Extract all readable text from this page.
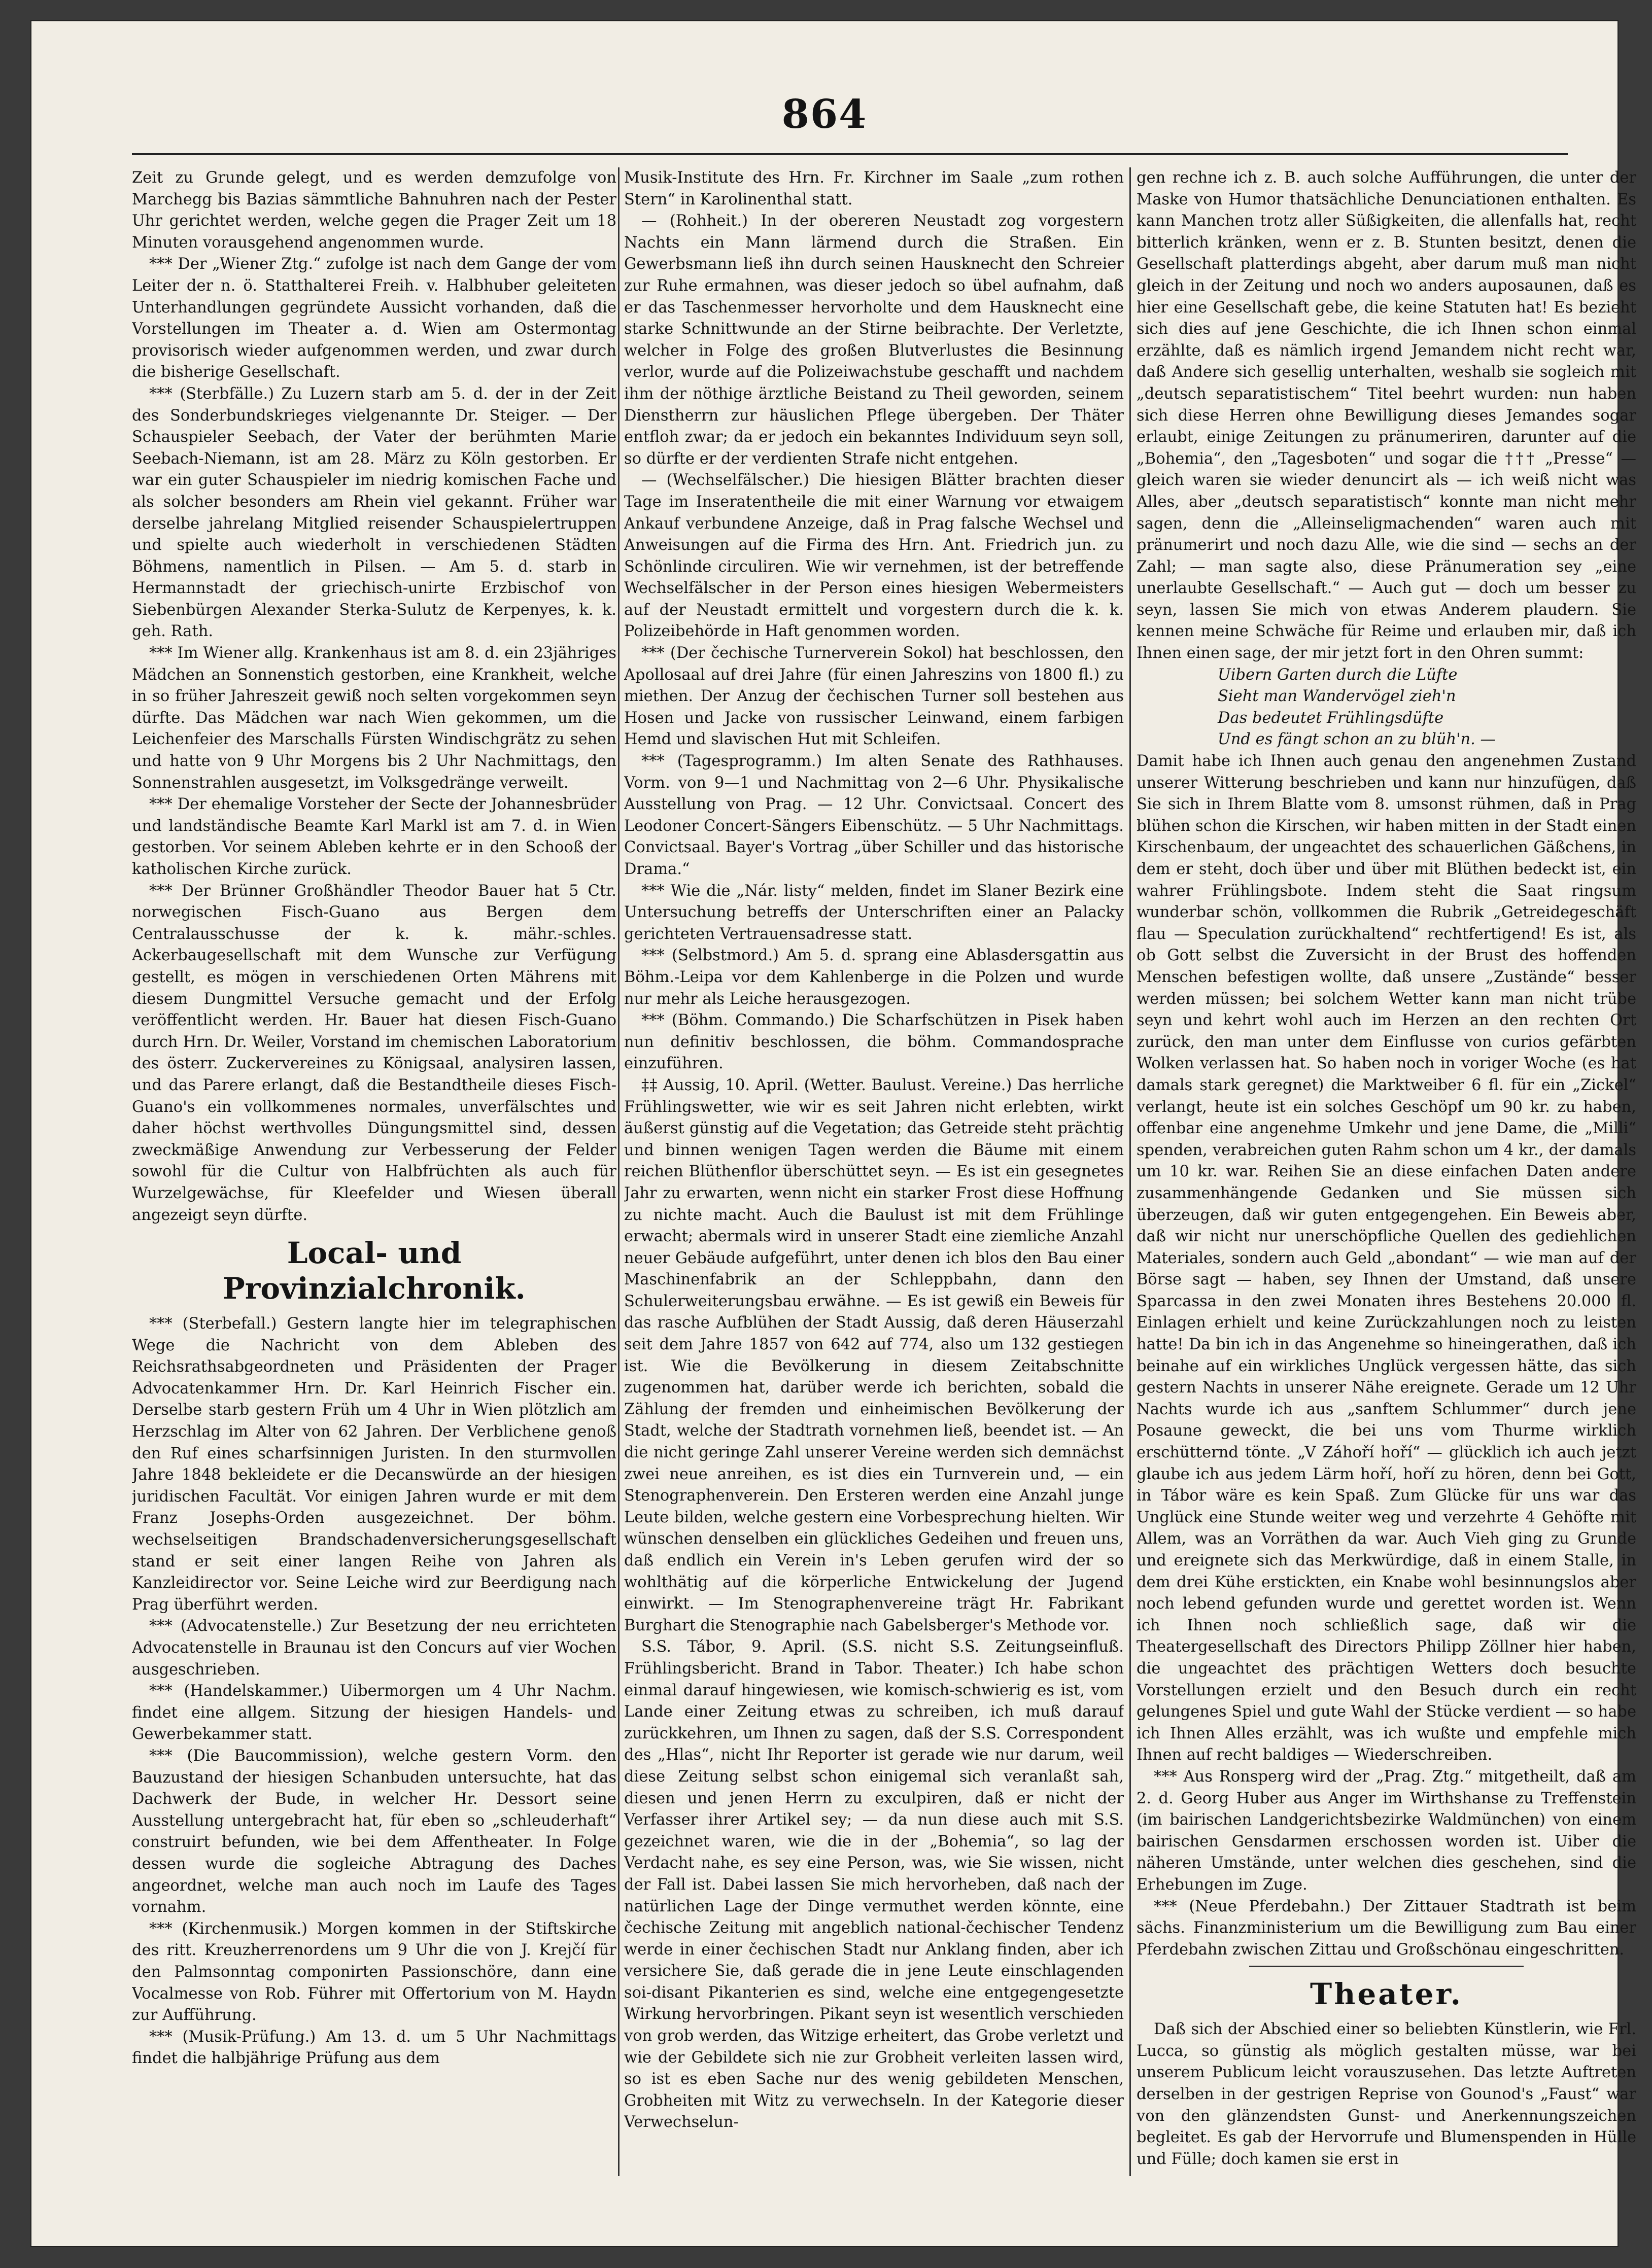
864

Zeit zu Grunde gelegt, und es werden demzufolge von Marchegg bis Bazias sämmtliche Bahnuhren nach der Pester Uhr gerichtet werden, welche gegen die Prager Zeit um 18 Minuten vorausgehend angenommen wurde.

*** Der „Wiener Ztg.“ zufolge ist nach dem Gange der vom Leiter der n. ö. Statthalterei Freih. v. Halbhuber geleiteten Unterhandlungen gegründete Aussicht vorhanden, daß die Vorstellungen im Theater a. d. Wien am Ostermontag provisorisch wieder aufgenommen werden, und zwar durch die bisherige Gesellschaft.

*** (Sterbfälle.) Zu Luzern starb am 5. d. der in der Zeit des Sonderbundskrieges vielgenannte Dr. Steiger. — Der Schauspieler Seebach, der Vater der berühmten Marie Seebach-Niemann, ist am 28. März zu Köln gestorben. Er war ein guter Schauspieler im niedrig komischen Fache und als solcher besonders am Rhein viel gekannt. Früher war derselbe jahrelang Mitglied reisender Schauspielertruppen und spielte auch wiederholt in verschiedenen Städten Böhmens, namentlich in Pilsen. — Am 5. d. starb in Hermannstadt der griechisch-unirte Erzbischof von Siebenbürgen Alexander Sterka-Sulutz de Kerpenyes, k. k. geh. Rath.

*** Im Wiener allg. Krankenhaus ist am 8. d. ein 23jähriges Mädchen an Sonnenstich gestorben, eine Krankheit, welche in so früher Jahreszeit gewiß noch selten vorgekommen seyn dürfte. Das Mädchen war nach Wien gekommen, um die Leichenfeier des Marschalls Fürsten Windischgrätz zu sehen und hatte von 9 Uhr Morgens bis 2 Uhr Nachmittags, den Sonnenstrahlen ausgesetzt, im Volksgedränge verweilt.

*** Der ehemalige Vorsteher der Secte der Johannesbrüder und landständische Beamte Karl Markl ist am 7. d. in Wien gestorben. Vor seinem Ableben kehrte er in den Schooß der katholischen Kirche zurück.

*** Der Brünner Großhändler Theodor Bauer hat 5 Ctr. norwegischen Fisch-Guano aus Bergen dem Centralausschusse der k. k. mähr.-schles. Ackerbaugesellschaft mit dem Wunsche zur Verfügung gestellt, es mögen in verschiedenen Orten Mährens mit diesem Dungmittel Versuche gemacht und der Erfolg veröffentlicht werden. Hr. Bauer hat diesen Fisch-Guano durch Hrn. Dr. Weiler, Vorstand im chemischen Laboratorium des österr. Zuckervereines zu Königsaal, analysiren lassen, und das Parere erlangt, daß die Bestandtheile dieses Fisch-Guano's ein vollkommenes normales, unverfälschtes und daher höchst werthvolles Düngungsmittel sind, dessen zweckmäßige Anwendung zur Verbesserung der Felder sowohl für die Cultur von Halbfrüchten als auch für Wurzelgewächse, für Kleefelder und Wiesen überall angezeigt seyn dürfte.

Local- und Provinzialchronik.

*** (Sterbefall.) Gestern langte hier im telegraphischen Wege die Nachricht von dem Ableben des Reichsrathsabgeordneten und Präsidenten der Prager Advocatenkammer Hrn. Dr. Karl Heinrich Fischer ein. Derselbe starb gestern Früh um 4 Uhr in Wien plötzlich am Herzschlag im Alter von 62 Jahren. Der Verblichene genoß den Ruf eines scharfsinnigen Juristen. In den sturmvollen Jahre 1848 bekleidete er die Decanswürde an der hiesigen juridischen Facultät. Vor einigen Jahren wurde er mit dem Franz Josephs-Orden ausgezeichnet. Der böhm. wechselseitigen Brandschadenversicherungsgesellschaft stand er seit einer langen Reihe von Jahren als Kanzleidirector vor. Seine Leiche wird zur Beerdigung nach Prag überführt werden.

*** (Advocatenstelle.) Zur Besetzung der neu errichteten Advocatenstelle in Braunau ist den Concurs auf vier Wochen ausgeschrieben.

*** (Handelskammer.) Uibermorgen um 4 Uhr Nachm. findet eine allgem. Sitzung der hiesigen Handels- und Gewerbekammer statt.

*** (Die Baucommission), welche gestern Vorm. den Bauzustand der hiesigen Schanbuden untersuchte, hat das Dachwerk der Bude, in welcher Hr. Dessort seine Ausstellung untergebracht hat, für eben so „schleuderhaft“ construirt befunden, wie bei dem Affentheater. In Folge dessen wurde die sogleiche Abtragung des Daches angeordnet, welche man auch noch im Laufe des Tages vornahm.

*** (Kirchenmusik.) Morgen kommen in der Stiftskirche des ritt. Kreuzherrenordens um 9 Uhr die von J. Krejčí für den Palmsonntag componirten Passionschöre, dann eine Vocalmesse von Rob. Führer mit Offertorium von M. Haydn zur Aufführung.

*** (Musik-Prüfung.) Am 13. d. um 5 Uhr Nachmittags findet die halbjährige Prüfung aus dem

Musik-Institute des Hrn. Fr. Kirchner im Saale „zum rothen Stern“ in Karolinenthal statt.

— (Rohheit.) In der obereren Neustadt zog vorgestern Nachts ein Mann lärmend durch die Straßen. Ein Gewerbsmann ließ ihn durch seinen Hausknecht den Schreier zur Ruhe ermahnen, was dieser jedoch so übel aufnahm, daß er das Taschenmesser hervorholte und dem Hausknecht eine starke Schnittwunde an der Stirne beibrachte. Der Verletzte, welcher in Folge des großen Blutverlustes die Besinnung verlor, wurde auf die Polizeiwachstube geschafft und nachdem ihm der nöthige ärztliche Beistand zu Theil geworden, seinem Dienstherrn zur häuslichen Pflege übergeben. Der Thäter entfloh zwar; da er jedoch ein bekanntes Individuum seyn soll, so dürfte er der verdienten Strafe nicht entgehen.

— (Wechselfälscher.) Die hiesigen Blätter brachten dieser Tage im Inseratentheile die mit einer Warnung vor etwaigem Ankauf verbundene Anzeige, daß in Prag falsche Wechsel und Anweisungen auf die Firma des Hrn. Ant. Friedrich jun. zu Schönlinde circuliren. Wie wir vernehmen, ist der betreffende Wechselfälscher in der Person eines hiesigen Webermeisters auf der Neustadt ermittelt und vorgestern durch die k. k. Polizeibehörde in Haft genommen worden.

*** (Der čechische Turnerverein Sokol) hat beschlossen, den Apollosaal auf drei Jahre (für einen Jahreszins von 1800 fl.) zu miethen. Der Anzug der čechischen Turner soll bestehen aus Hosen und Jacke von russischer Leinwand, einem farbigen Hemd und slavischen Hut mit Schleifen.

*** (Tagesprogramm.) Im alten Senate des Rathhauses. Vorm. von 9—1 und Nachmittag von 2—6 Uhr. Physikalische Ausstellung von Prag. — 12 Uhr. Convictsaal. Concert des Leodoner Concert-Sängers Eibenschütz. — 5 Uhr Nachmittags. Convictsaal. Bayer's Vortrag „über Schiller und das historische Drama.“

*** Wie die „Nár. listy“ melden, findet im Slaner Bezirk eine Untersuchung betreffs der Unterschriften einer an Palacky gerichteten Vertrauensadresse statt.

*** (Selbstmord.) Am 5. d. sprang eine Ablasdersgattin aus Böhm.-Leipa vor dem Kahlenberge in die Polzen und wurde nur mehr als Leiche herausgezogen.

*** (Böhm. Commando.) Die Scharfschützen in Pisek haben nun definitiv beschlossen, die böhm. Commandosprache einzuführen.

‡‡ Aussig, 10. April. (Wetter. Baulust. Vereine.) Das herrliche Frühlingswetter, wie wir es seit Jahren nicht erlebten, wirkt äußerst günstig auf die Vegetation; das Getreide steht prächtig und binnen wenigen Tagen werden die Bäume mit einem reichen Blüthenflor überschüttet seyn. — Es ist ein gesegnetes Jahr zu erwarten, wenn nicht ein starker Frost diese Hoffnung zu nichte macht. Auch die Baulust ist mit dem Frühlinge erwacht; abermals wird in unserer Stadt eine ziemliche Anzahl neuer Gebäude aufgeführt, unter denen ich blos den Bau einer Maschinenfabrik an der Schleppbahn, dann den Schulerweiterungsbau erwähne. — Es ist gewiß ein Beweis für das rasche Aufblühen der Stadt Aussig, daß deren Häuserzahl seit dem Jahre 1857 von 642 auf 774, also um 132 gestiegen ist. Wie die Bevölkerung in diesem Zeitabschnitte zugenommen hat, darüber werde ich berichten, sobald die Zählung der fremden und einheimischen Bevölkerung der Stadt, welche der Stadtrath vornehmen ließ, beendet ist. — An die nicht geringe Zahl unserer Vereine werden sich demnächst zwei neue anreihen, es ist dies ein Turnverein und, — ein Stenographenverein. Den Ersteren werden eine Anzahl junge Leute bilden, welche gestern eine Vorbesprechung hielten. Wir wünschen denselben ein glückliches Gedeihen und freuen uns, daß endlich ein Verein in's Leben gerufen wird der so wohlthätig auf die körperliche Entwickelung der Jugend einwirkt. — Im Stenographenvereine trägt Hr. Fabrikant Burghart die Stenographie nach Gabelsberger's Methode vor.

S.S. Tábor, 9. April. (S.S. nicht S.S. Zeitungseinfluß. Frühlingsbericht. Brand in Tabor. Theater.) Ich habe schon einmal darauf hingewiesen, wie komisch-schwierig es ist, vom Lande einer Zeitung etwas zu schreiben, ich muß darauf zurückkehren, um Ihnen zu sagen, daß der S.S. Correspondent des „Hlas“, nicht Ihr Reporter ist gerade wie nur darum, weil diese Zeitung selbst schon einigemal sich veranlaßt sah, diesen und jenen Herrn zu exculpiren, daß er nicht der Verfasser ihrer Artikel sey; — da nun diese auch mit S.S. gezeichnet waren, wie die in der „Bohemia“, so lag der Verdacht nahe, es sey eine Person, was, wie Sie wissen, nicht der Fall ist. Dabei lassen Sie mich hervorheben, daß nach der natürlichen Lage der Dinge vermuthet werden könnte, eine čechische Zeitung mit angeblich national-čechischer Tendenz werde in einer čechischen Stadt nur Anklang finden, aber ich versichere Sie, daß gerade die in jene Leute einschlagenden soi-disant Pikanterien es sind, welche eine entgegengesetzte Wirkung hervorbringen. Pikant seyn ist wesentlich verschieden von grob werden, das Witzige erheitert, das Grobe verletzt und wie der Gebildete sich nie zur Grobheit verleiten lassen wird, so ist es eben Sache nur des wenig gebildeten Menschen, Grobheiten mit Witz zu verwechseln. In der Kategorie dieser Verwechselun-

gen rechne ich z. B. auch solche Aufführungen, die unter der Maske von Humor thatsächliche Denunciationen enthalten. Es kann Manchen trotz aller Süßigkeiten, die allenfalls hat, recht bitterlich kränken, wenn er z. B. Stunten besitzt, denen die Gesellschaft platterdings abgeht, aber darum muß man nicht gleich in der Zeitung und noch wo anders auposaunen, daß es hier eine Gesellschaft gebe, die keine Statuten hat! Es bezieht sich dies auf jene Geschichte, die ich Ihnen schon einmal erzählte, daß es nämlich irgend Jemandem nicht recht war, daß Andere sich gesellig unterhalten, weshalb sie sogleich mit „deutsch separatistischem“ Titel beehrt wurden: nun haben sich diese Herren ohne Bewilligung dieses Jemandes sogar erlaubt, einige Zeitungen zu pränumeriren, darunter auf die „Bohemia“, den „Tagesboten“ und sogar die ††† „Presse“ — gleich waren sie wieder denuncirt als — ich weiß nicht was Alles, aber „deutsch separatistisch“ konnte man nicht mehr sagen, denn die „Alleinseligmachenden“ waren auch mit pränumerirt und noch dazu Alle, wie die sind — sechs an der Zahl; — man sagte also, diese Pränumeration sey „eine unerlaubte Gesellschaft.“ — Auch gut — doch um besser zu seyn, lassen Sie mich von etwas Anderem plaudern. Sie kennen meine Schwäche für Reime und erlauben mir, daß ich Ihnen einen sage, der mir jetzt fort in den Ohren summt:

Uibern Garten durch die Lüfte

Sieht man Wandervögel zieh'n

Das bedeutet Frühlingsdüfte

Und es fängt schon an zu blüh'n. —

Damit habe ich Ihnen auch genau den angenehmen Zustand unserer Witterung beschrieben und kann nur hinzufügen, daß Sie sich in Ihrem Blatte vom 8. umsonst rühmen, daß in Prag blühen schon die Kirschen, wir haben mitten in der Stadt einen Kirschenbaum, der ungeachtet des schauerlichen Gäßchens, in dem er steht, doch über und über mit Blüthen bedeckt ist, ein wahrer Frühlingsbote. Indem steht die Saat ringsum wunderbar schön, vollkommen die Rubrik „Getreidegeschäft flau — Speculation zurückhaltend“ rechtfertigend! Es ist, als ob Gott selbst die Zuversicht in der Brust des hoffenden Menschen befestigen wollte, daß unsere „Zustände“ besser werden müssen; bei solchem Wetter kann man nicht trübe seyn und kehrt wohl auch im Herzen an den rechten Ort zurück, den man unter dem Einflusse von curios gefärbten Wolken verlassen hat. So haben noch in voriger Woche (es hat damals stark geregnet) die Marktweiber 6 fl. für ein „Zickel“ verlangt, heute ist ein solches Geschöpf um 90 kr. zu haben, offenbar eine angenehme Umkehr und jene Dame, die „Milli“ spenden, verabreichen guten Rahm schon um 4 kr., der damals um 10 kr. war. Reihen Sie an diese einfachen Daten andere zusammenhängende Gedanken und Sie müssen sich überzeugen, daß wir guten entgegengehen. Ein Beweis aber, daß wir nicht nur unerschöpfliche Quellen des gediehlichen Materiales, sondern auch Geld „abondant“ — wie man auf der Börse sagt — haben, sey Ihnen der Umstand, daß unsere Sparcassa in den zwei Monaten ihres Bestehens 20.000 fl. Einlagen erhielt und keine Zurückzahlungen noch zu leisten hatte! Da bin ich in das Angenehme so hineingerathen, daß ich beinahe auf ein wirkliches Unglück vergessen hätte, das sich gestern Nachts in unserer Nähe ereignete. Gerade um 12 Uhr Nachts wurde ich aus „sanftem Schlummer“ durch jene Posaune geweckt, die bei uns vom Thurme wirklich erschütternd tönte. „V Záhoří hoří“ — glücklich ich auch jetzt glaube ich aus jedem Lärm hoří, hoří zu hören, denn bei Gott, in Tábor wäre es kein Spaß. Zum Glücke für uns war das Unglück eine Stunde weiter weg und verzehrte 4 Gehöfte mit Allem, was an Vorräthen da war. Auch Vieh ging zu Grunde und ereignete sich das Merkwürdige, daß in einem Stalle, in dem drei Kühe erstickten, ein Knabe wohl besinnungslos aber noch lebend gefunden wurde und gerettet worden ist. Wenn ich Ihnen noch schließlich sage, daß wir die Theatergesellschaft des Directors Philipp Zöllner hier haben, die ungeachtet des prächtigen Wetters doch besuchte Vorstellungen erzielt und den Besuch durch ein recht gelungenes Spiel und gute Wahl der Stücke verdient — so habe ich Ihnen Alles erzählt, was ich wußte und empfehle mich Ihnen auf recht baldiges — Wiederschreiben.

*** Aus Ronsperg wird der „Prag. Ztg.“ mitgetheilt, daß am 2. d. Georg Huber aus Anger im Wirthshanse zu Treffenstein (im bairischen Landgerichtsbezirke Waldmünchen) von einem bairischen Gensdarmen erschossen worden ist. Uiber die näheren Umstände, unter welchen dies geschehen, sind die Erhebungen im Zuge.

*** (Neue Pferdebahn.) Der Zittauer Stadtrath ist beim sächs. Finanzministerium um die Bewilligung zum Bau einer Pferdebahn zwischen Zittau und Großschönau eingeschritten.

Theater.

Daß sich der Abschied einer so beliebten Künstlerin, wie Frl. Lucca, so günstig als möglich gestalten müsse, war bei unserem Publicum leicht vorauszusehen. Das letzte Auftreten derselben in der gestrigen Reprise von Gounod's „Faust“ war von den glänzendsten Gunst- und Anerkennungszeichen begleitet. Es gab der Hervorrufe und Blumenspenden in Hülle und Fülle; doch kamen sie erst in
